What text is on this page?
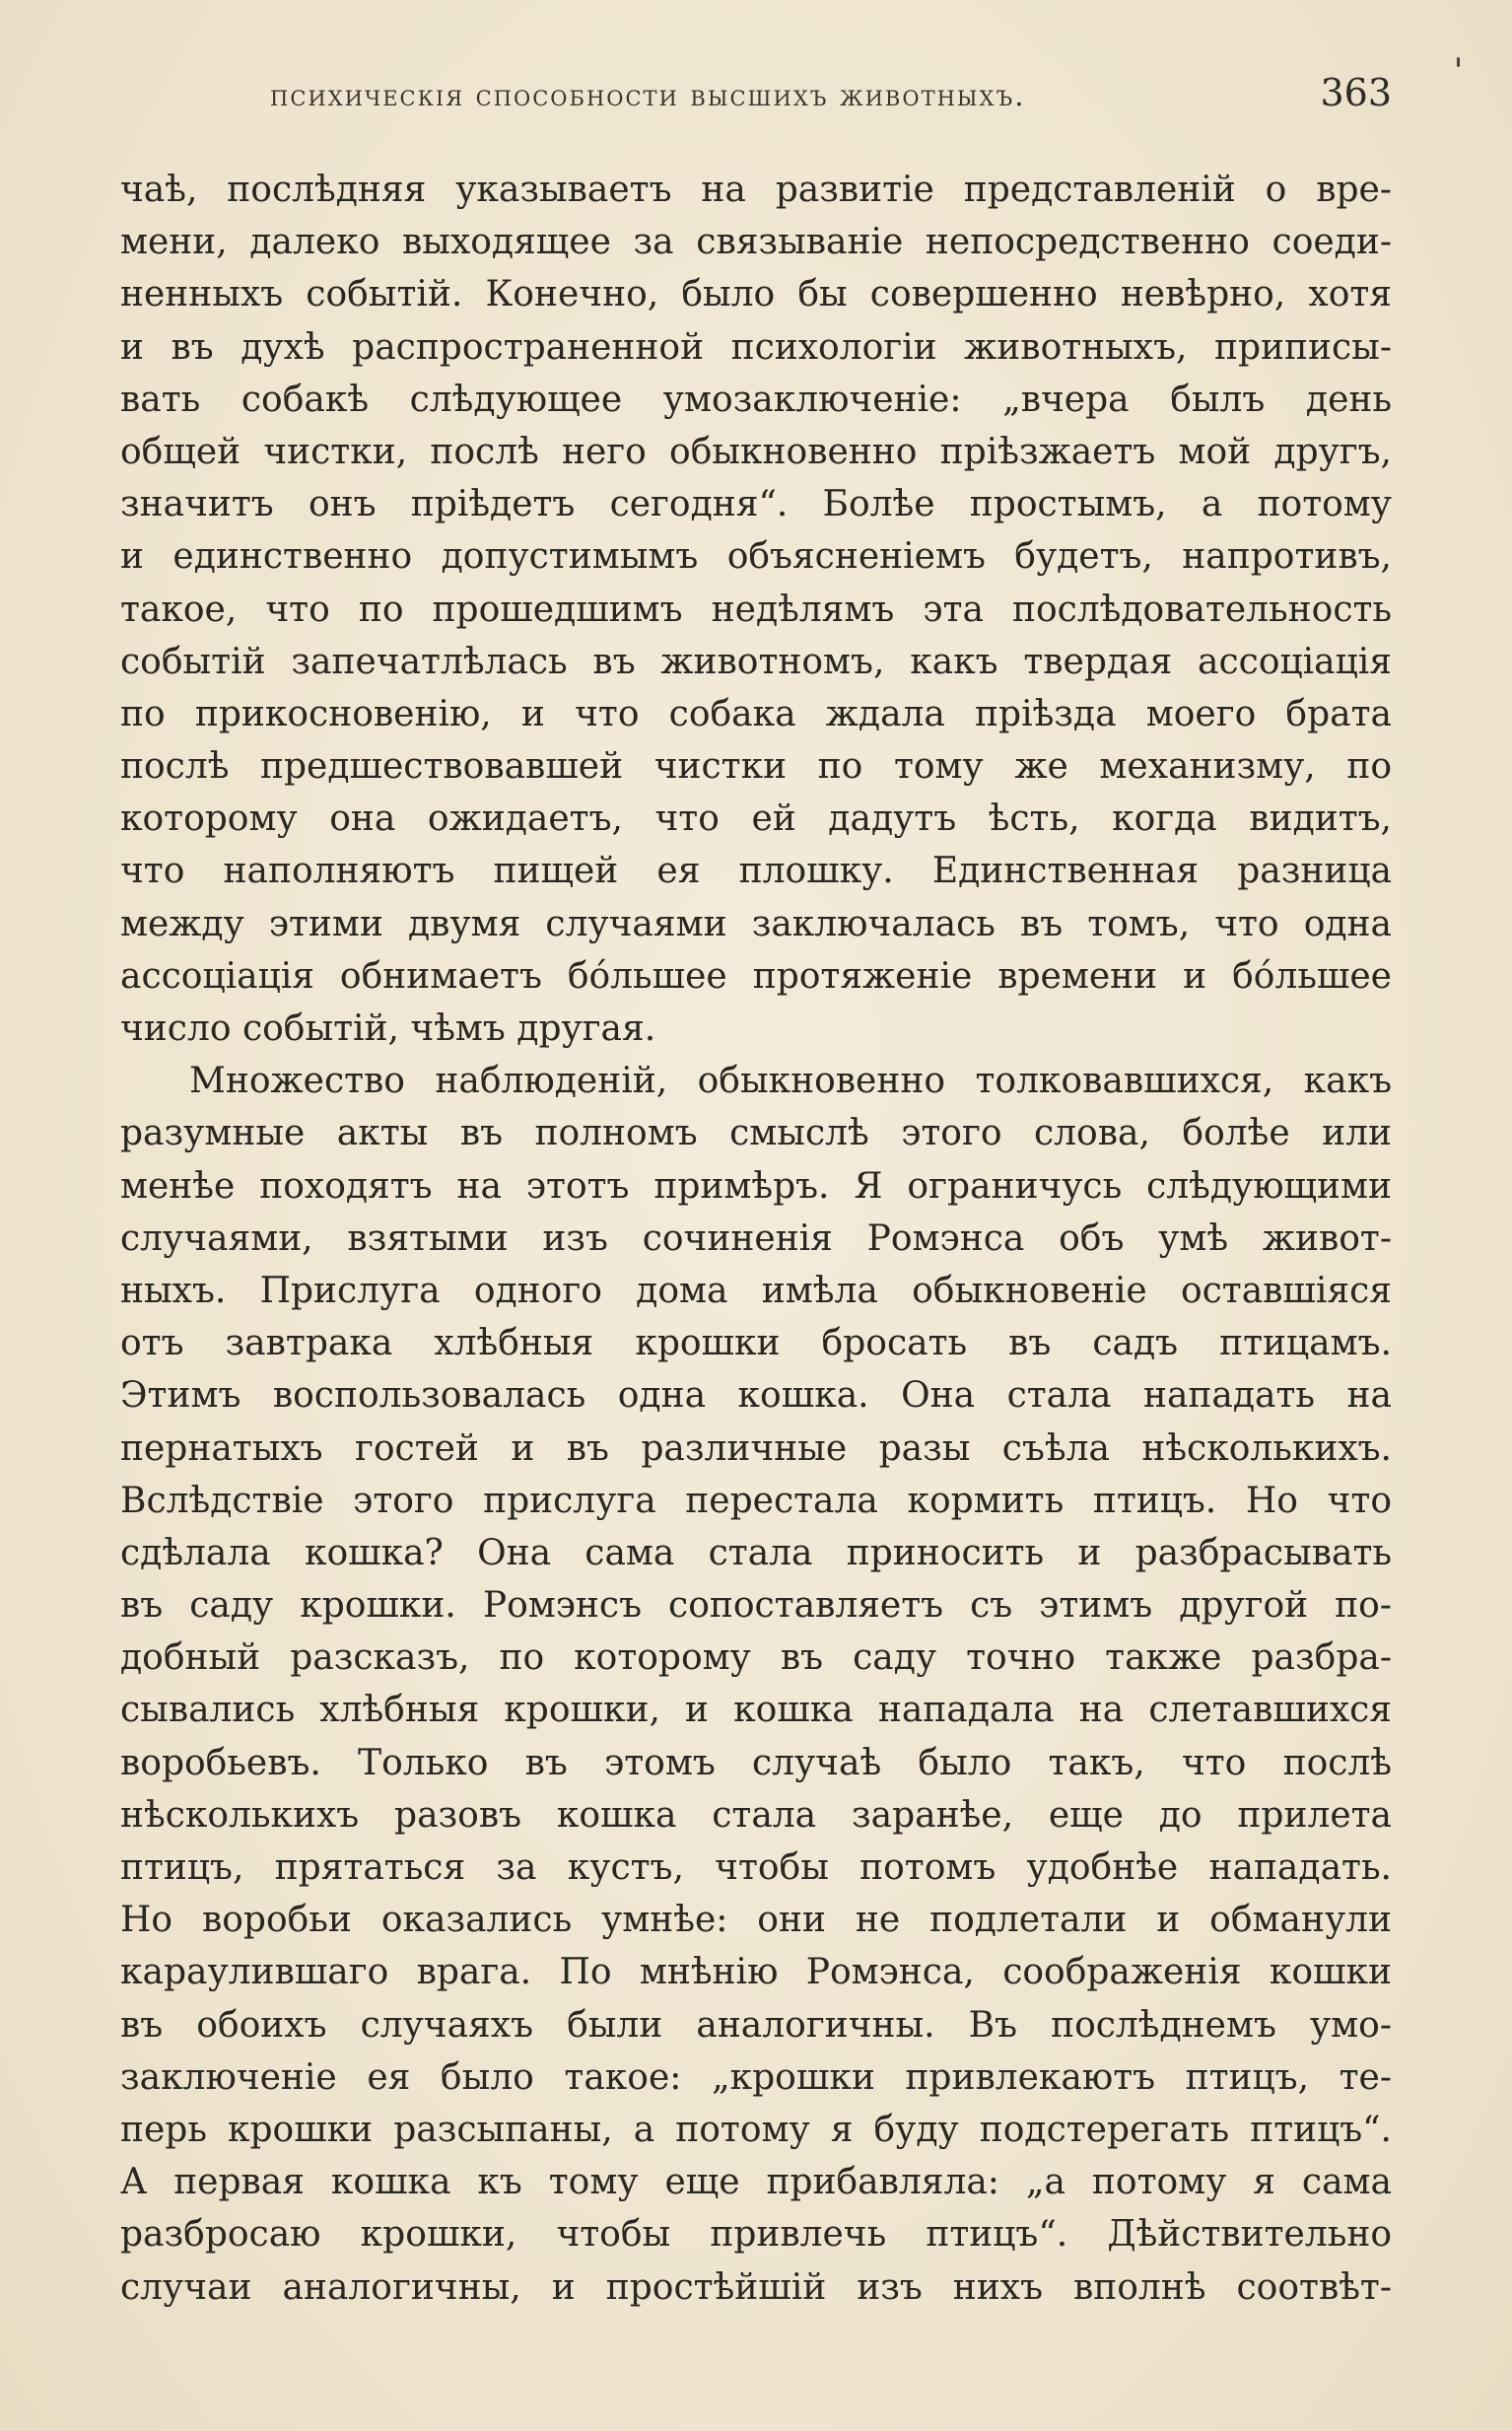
психическія способности высшихъ животныхъ.	363
чаѣ, послѣдняя указываетъ на развитіе представленій о вре-
мени, далеко выходящее за связываніе непосредственно соеди-
ненныхъ событій. Конечно, было бы совершенно невѣрно, хотя
и въ духѣ распространенной психологіи животныхъ, приписы-
вать собакѣ слѣдующее умозаключеніе: „вчера былъ день
общей чистки, послѣ него обыкновенно пріѣзжаетъ мой другъ,
значитъ онъ пріѣдетъ сегодня“. Болѣе простымъ, а потому
и единственно допустимымъ объясненіемъ будетъ, напротивъ,
такое, что по прошедшимъ недѣлямъ эта послѣдовательность
событій запечатлѣлась въ животномъ, какъ твердая ассоціація
по прикосновенію, и что собака ждала пріѣзда моего брата
послѣ предшествовавшей чистки по тому же механизму, по
которому она ожидаетъ, что ей дадутъ ѣсть, когда видитъ,
что наполняютъ пищей ея плошку. Единственная разница
между этими двумя случаями заключалась въ томъ, что одна
ассоціація обнимаетъ бо́льшее протяженіе времени и бо́льшее
число событій, чѣмъ другая.
Множество наблюденій, обыкновенно толковавшихся, какъ
разумные акты въ полномъ смыслѣ этого слова, болѣе или
менѣе походятъ на этотъ примѣръ. Я ограничусь слѣдующими
случаями, взятыми изъ сочиненія Ромэнса объ умѣ живот-
ныхъ. Прислуга одного дома имѣла обыкновеніе оставшіяся
отъ завтрака хлѣбныя крошки бросать въ садъ птицамъ.
Этимъ воспользовалась одна кошка. Она стала нападать на
пернатыхъ гостей и въ различные разы съѣла нѣсколькихъ.
Вслѣдствіе этого прислуга перестала кормить птицъ. Но что
сдѣлала кошка? Она сама стала приносить и разбрасывать
въ саду крошки. Ромэнсъ сопоставляетъ съ этимъ другой по-
добный разсказъ, по которому въ саду точно также разбра-
сывались хлѣбныя крошки, и кошка нападала на слетавшихся
воробьевъ. Только въ этомъ случаѣ было такъ, что послѣ
нѣсколькихъ разовъ кошка стала заранѣе, еще до прилета
птицъ, прятаться за кустъ, чтобы потомъ удобнѣе нападать.
Но воробьи оказались умнѣе: они не подлетали и обманули
караулившаго врага. По мнѣнію Ромэнса, соображенія кошки
въ обоихъ случаяхъ были аналогичны. Въ послѣднемъ умо-
заключеніе ея было такое: „крошки привлекаютъ птицъ, те-
перь крошки разсыпаны, а потому я буду подстерегать птицъ“.
А первая кошка къ тому еще прибавляла: „а потому я сама
разбросаю крошки, чтобы привлечь птицъ“. Дѣйствительно
случаи аналогичны, и простѣйшій изъ нихъ вполнѣ соотвѣт-
